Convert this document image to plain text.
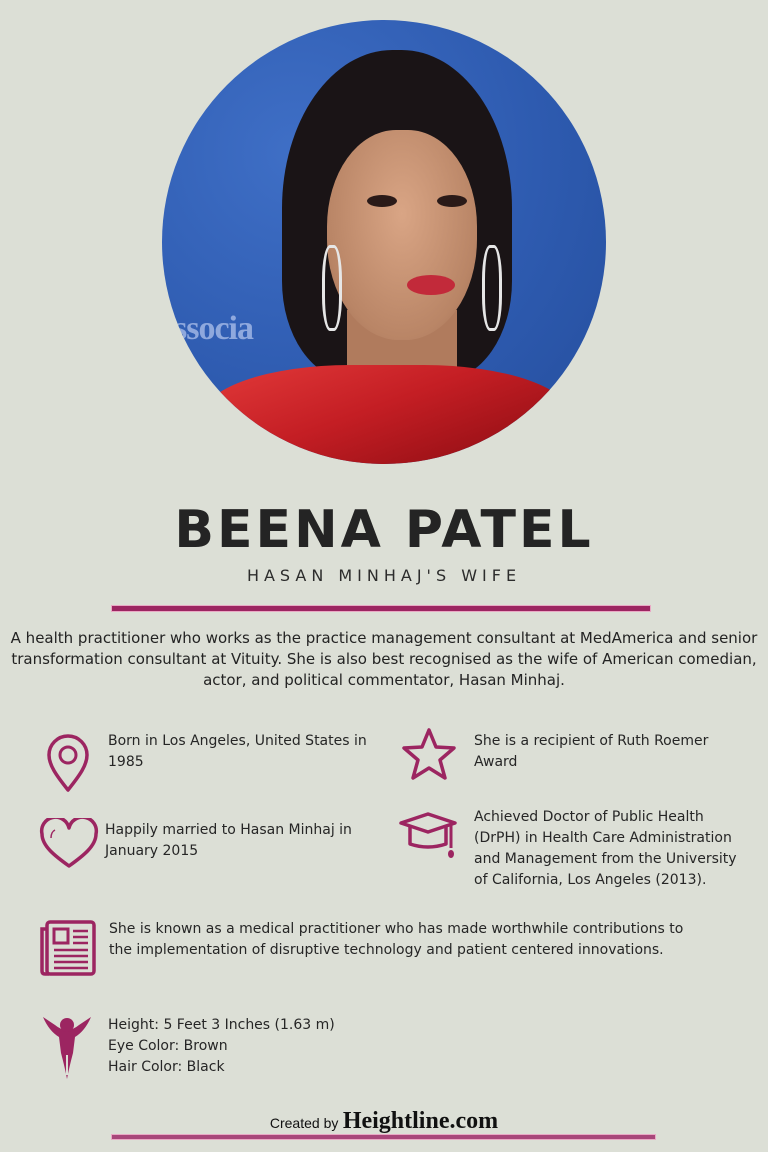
ssocia
BEENA PATEL
HASAN MINHAJ'S WIFE
A health practitioner who works as the practice management consultant at MedAmerica and senior transformation consultant at Vituity. She is also best recognised as the wife of American comedian, actor, and political commentator, Hasan Minhaj.
Born in Los Angeles, United States in 1985
She is a recipient of Ruth Roemer Award
Happily married to Hasan Minhaj in January 2015
Achieved Doctor of Public Health (DrPH) in Health Care Administration and Management from the University of California, Los Angeles (2013).
She is known as a medical practitioner who has made worthwhile contributions to the implementation of disruptive technology and patient centered innovations.
Height: 5 Feet 3 Inches (1.63 m)
Eye Color: Brown
Hair Color: Black
Created by Heightline.com
